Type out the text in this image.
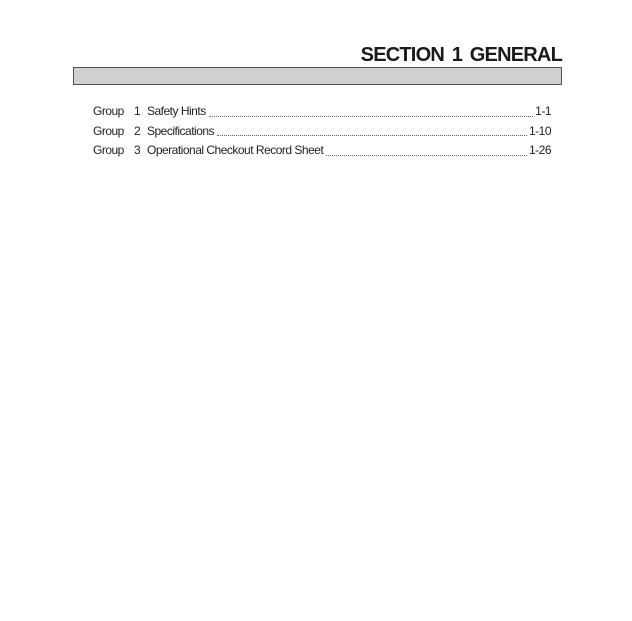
SECTION 1 GENERAL
Group 1 Safety Hints	1-1
Group 2 Specifications	1-10
Group 3 Operational Checkout Record Sheet	1-26
